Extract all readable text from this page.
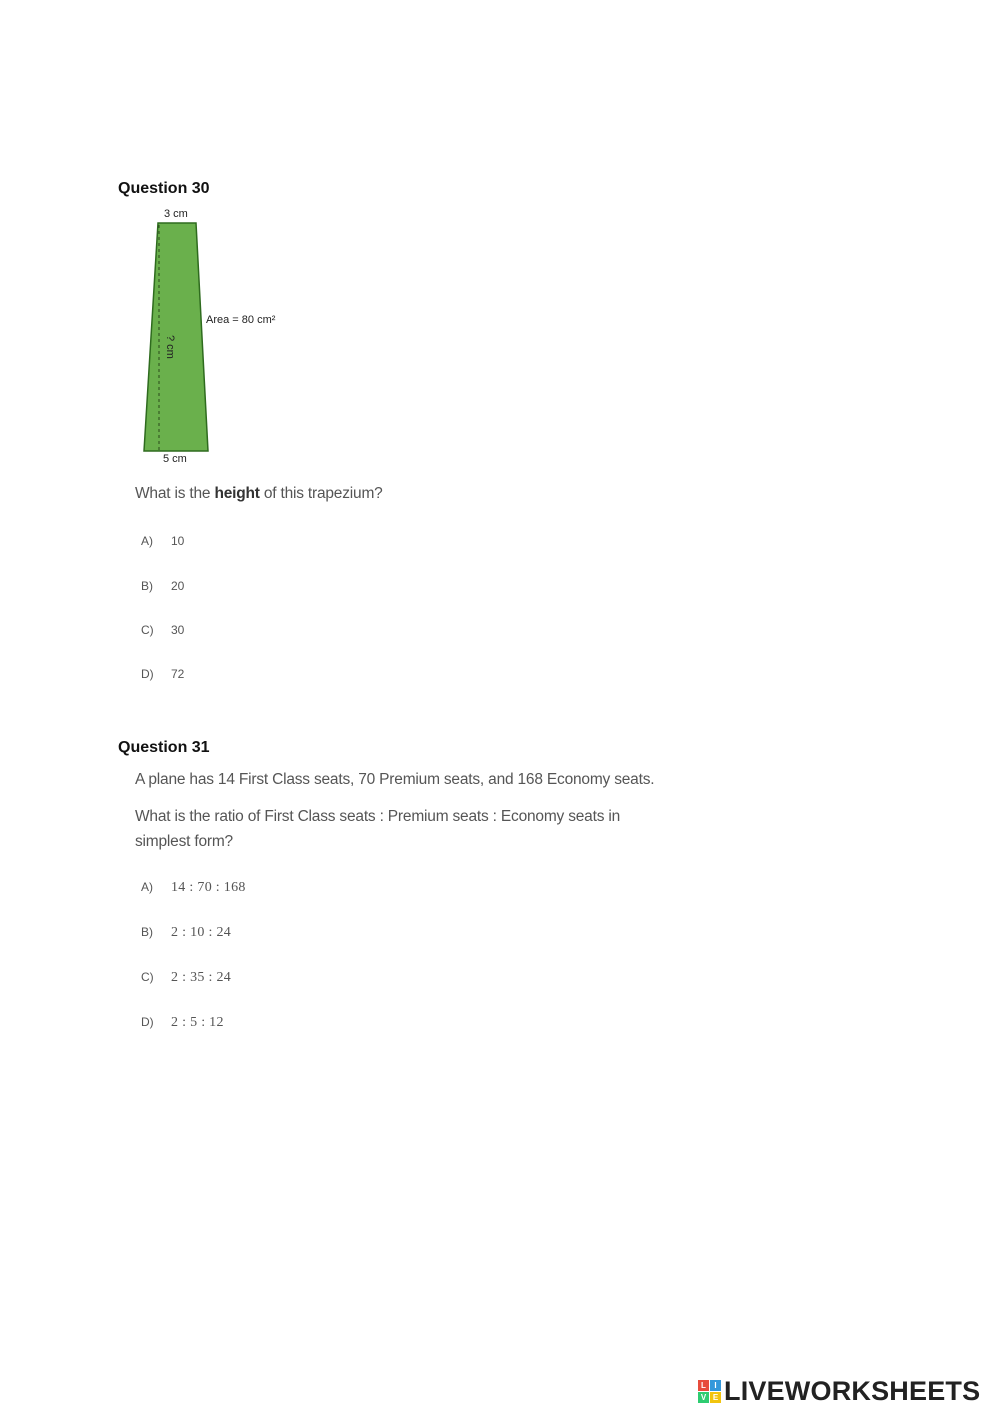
Question 30
3 cm
5 cm
? cm
Area = 80 cm²
What is the height of this trapezium?
A)	10
B)	20
C)	30
D)	72
Question 31
A plane has 14 First Class seats, 70 Premium seats, and 168 Economy seats.
What is the ratio of First Class seats : Premium seats : Economy seats in
simplest form?
A)	14 : 70 : 168
B)	2 : 10 : 24
C)	2 : 35 : 24
D)	2 : 5 : 12
L	I
V E LIVEWORKSHEETS
